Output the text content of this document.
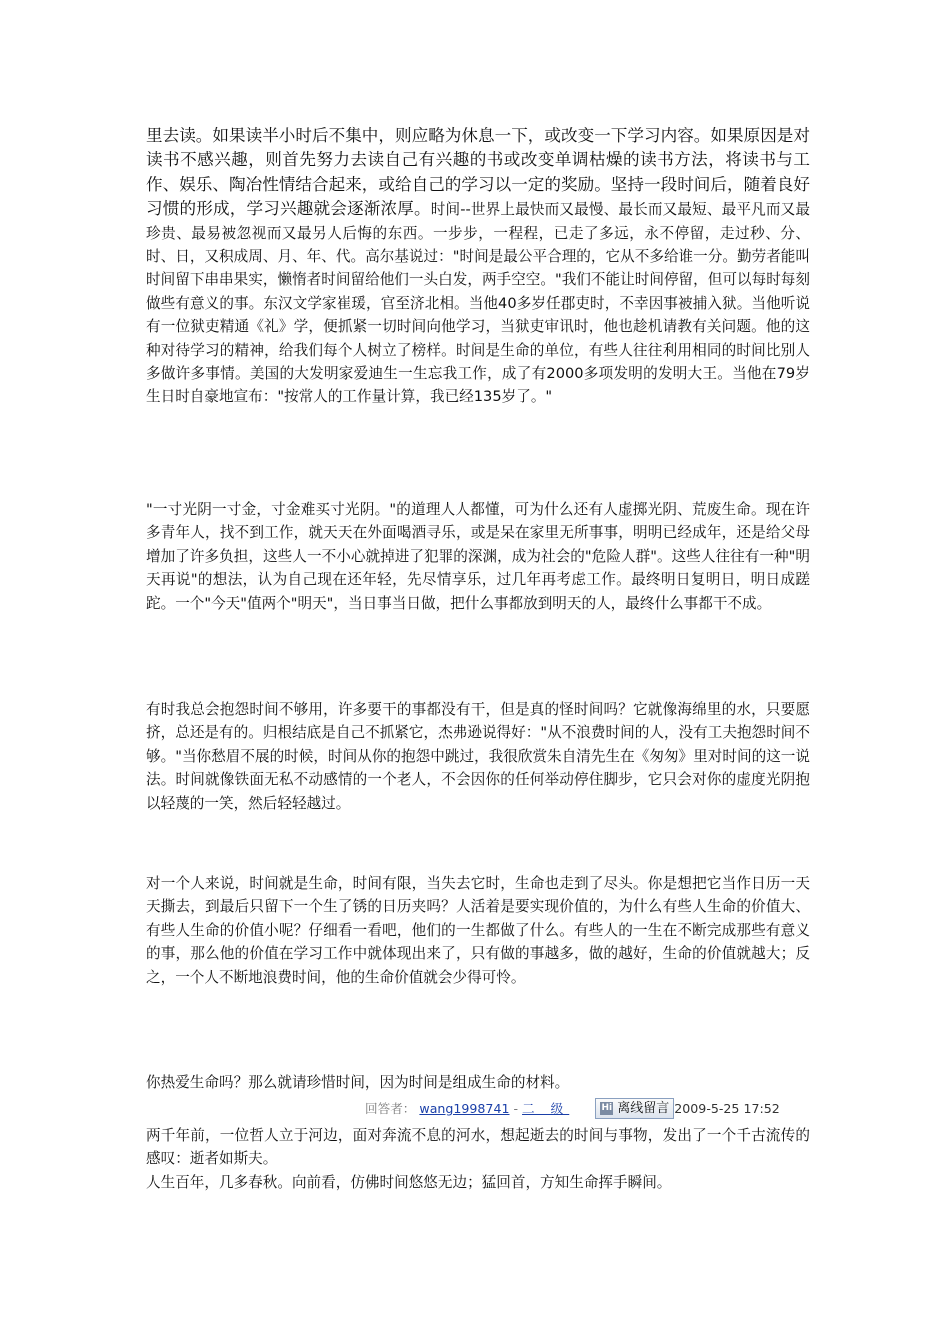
里去读。如果读半小时后不集中，则应略为休息一下，或改变一下学习内容。如果原因是对读书不感兴趣，则首先努力去读自己有兴趣的书或改变单调枯燥的读书方法，将读书与工作、娱乐、陶冶性情结合起来，或给自己的学习以一定的奖励。坚持一段时间后，随着良好习惯的形成，学习兴趣就会逐渐浓厚。时间--世界上最快而又最慢、最长而又最短、最平凡而又最珍贵、最易被忽视而又最另人后悔的东西。一步步，一程程，已走了多远，永不停留，走过秒、分、时、日，又积成周、月、年、代。高尔基说过："时间是最公平合理的，它从不多给谁一分。勤劳者能叫时间留下串串果实，懒惰者时间留给他们一头白发，两手空空。"我们不能让时间停留，但可以每时每刻做些有意义的事。东汉文学家崔瑗，官至济北相。当他40多岁任郡吏时，不幸因事被捕入狱。当他听说有一位狱吏精通《礼》学，便抓紧一切时间向他学习，当狱吏审讯时，他也趁机请教有关问题。他的这种对待学习的精神，给我们每个人树立了榜样。时间是生命的单位，有些人往往利用相同的时间比别人多做许多事情。美国的大发明家爱迪生一生忘我工作，成了有2000多项发明的发明大王。当他在79岁生日时自豪地宣布："按常人的工作量计算，我已经135岁了。"

"一寸光阴一寸金，寸金难买寸光阴。"的道理人人都懂，可为什么还有人虚掷光阴、荒废生命。现在许多青年人，找不到工作，就天天在外面喝酒寻乐，或是呆在家里无所事事，明明已经成年，还是给父母增加了许多负担，这些人一不小心就掉进了犯罪的深渊，成为社会的"危险人群"。这些人往往有一种"明天再说"的想法，认为自己现在还年轻，先尽情享乐，过几年再考虑工作。最终明日复明日，明日成蹉跎。一个"今天"值两个"明天"，当日事当日做，把什么事都放到明天的人，最终什么事都干不成。

有时我总会抱怨时间不够用，许多要干的事都没有干，但是真的怪时间吗？它就像海绵里的水，只要愿挤，总还是有的。归根结底是自己不抓紧它，杰弗逊说得好："从不浪费时间的人，没有工夫抱怨时间不够。"当你愁眉不展的时候，时间从你的抱怨中跳过，我很欣赏朱自清先生在《匆匆》里对时间的这一说法。时间就像铁面无私不动感情的一个老人，不会因你的任何举动停住脚步，它只会对你的虚度光阴抱以轻蔑的一笑，然后轻轻越过。

对一个人来说，时间就是生命，时间有限，当失去它时，生命也走到了尽头。你是想把它当作日历一天天撕去，到最后只留下一个生了锈的日历夹吗？人活着是要实现价值的，为什么有些人生命的价值大、有些人生命的价值小呢？仔细看一看吧，他们的一生都做了什么。有些人的一生在不断完成那些有意义的事，那么他的价值在学习工作中就体现出来了，只有做的事越多，做的越好，生命的价值就越大；反之，一个人不断地浪费时间，他的生命价值就会少得可怜。

你热爱生命吗？那么就请珍惜时间，因为时间是组成生命的材料。

回答者： wang1998741 - 二 级	Hi 离线留言 2009-5-25 17:52

两千年前，一位哲人立于河边，面对奔流不息的河水，想起逝去的时间与事物，发出了一个千古流传的感叹：逝者如斯夫。

人生百年，几多春秋。向前看，仿佛时间悠悠无边；猛回首，方知生命挥手瞬间。
